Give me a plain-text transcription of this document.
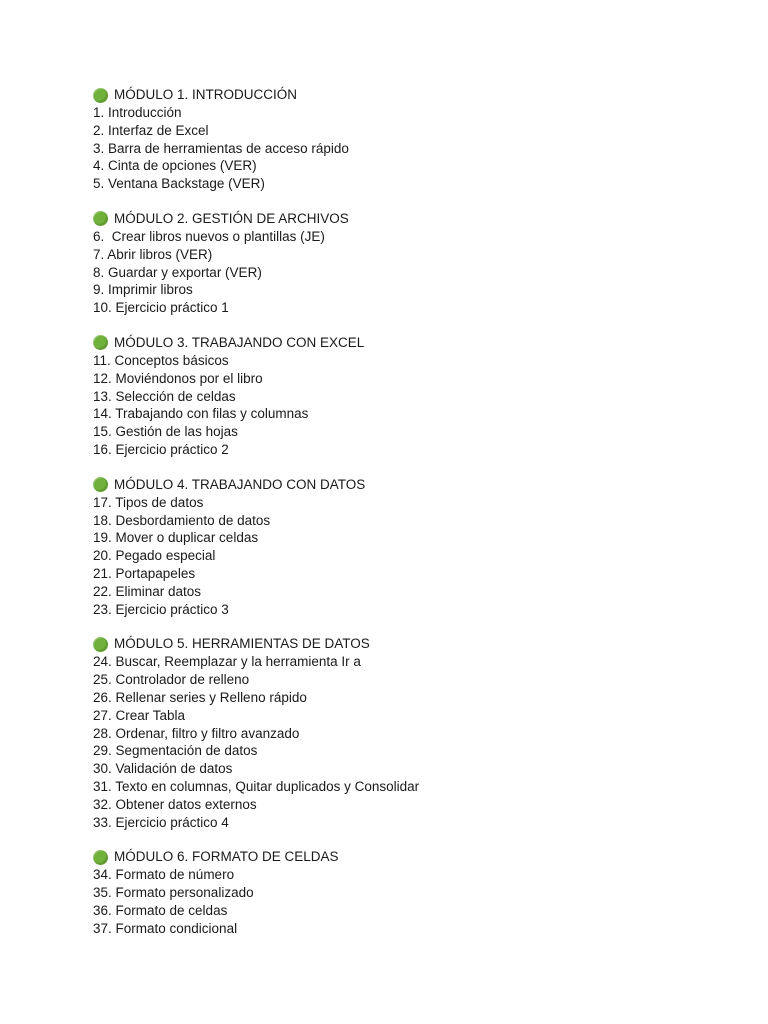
MÓDULO 1. INTRODUCCIÓN
1. Introducción
2. Interfaz de Excel
3. Barra de herramientas de acceso rápido
4. Cinta de opciones (VER)
5. Ventana Backstage (VER)
MÓDULO 2. GESTIÓN DE ARCHIVOS
6.  Crear libros nuevos o plantillas (JE)
7. Abrir libros (VER)
8. Guardar y exportar (VER)
9. Imprimir libros
10. Ejercicio práctico 1
MÓDULO 3. TRABAJANDO CON EXCEL
11. Conceptos básicos
12. Moviéndonos por el libro
13. Selección de celdas
14. Trabajando con filas y columnas
15. Gestión de las hojas
16. Ejercicio práctico 2
MÓDULO 4. TRABAJANDO CON DATOS
17. Tipos de datos
18. Desbordamiento de datos
19. Mover o duplicar celdas
20. Pegado especial
21. Portapapeles
22. Eliminar datos
23. Ejercicio práctico 3
MÓDULO 5. HERRAMIENTAS DE DATOS
24. Buscar, Reemplazar y la herramienta Ir a
25. Controlador de relleno
26. Rellenar series y Relleno rápido
27. Crear Tabla
28. Ordenar, filtro y filtro avanzado
29. Segmentación de datos
30. Validación de datos
31. Texto en columnas, Quitar duplicados y Consolidar
32. Obtener datos externos
33. Ejercicio práctico 4
MÓDULO 6. FORMATO DE CELDAS
34. Formato de número
35. Formato personalizado
36. Formato de celdas
37. Formato condicional
